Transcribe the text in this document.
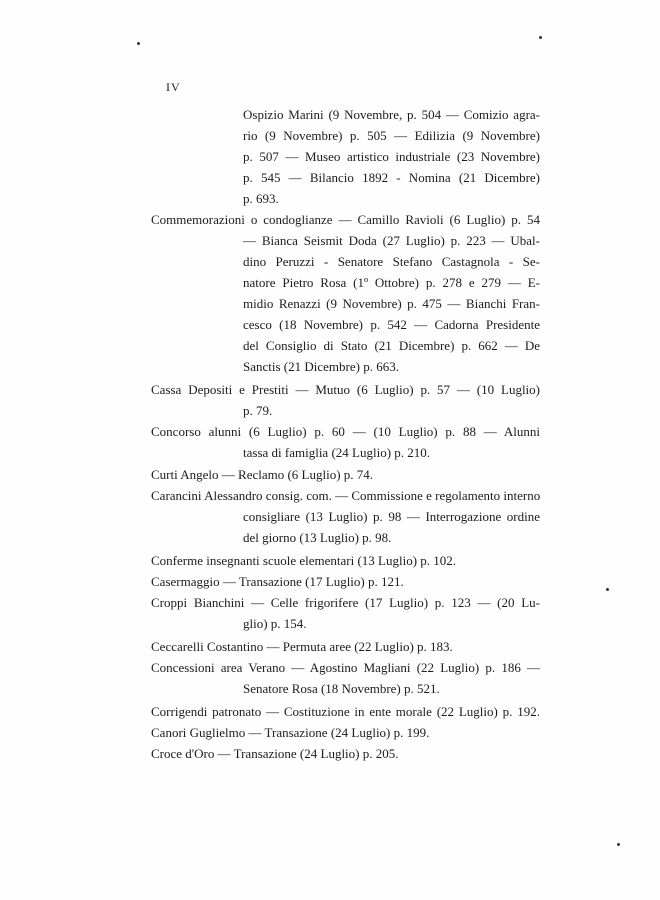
IV
Ospizio Marini (9 Novembre, p. 504 — Comizio agra-
rio (9 Novembre) p. 505 — Edilizia (9 Novembre)
p. 507 — Museo artistico industriale (23 Novembre)
p. 545 — Bilancio 1892 - Nomina (21 Dicembre)
p. 693.
Commemorazioni o condoglianze — Camillo Ravioli (6 Luglio) p. 54
— Bianca Seismit Doda (27 Luglio) p. 223 — Ubal-
dino Peruzzi - Senatore Stefano Castagnola - Se-
natore Pietro Rosa (1º Ottobre) p. 278 e 279 — E-
midio Renazzi (9 Novembre) p. 475 — Bianchi Fran-
cesco (18 Novembre) p. 542 — Cadorna Presidente
del Consiglio di Stato (21 Dicembre) p. 662 — De
Sanctis (21 Dicembre) p. 663.
Cassa Depositi e Prestiti — Mutuo (6 Luglio) p. 57 — (10 Luglio)
p. 79.
Concorso alunni (6 Luglio) p. 60 — (10 Luglio) p. 88 — Alunni
tassa di famiglia (24 Luglio) p. 210.
Curti Angelo — Reclamo (6 Luglio) p. 74.
Carancini Alessandro consig. com. — Commissione e regolamento interno
consigliare (13 Luglio) p. 98 — Interrogazione ordine
del giorno (13 Luglio) p. 98.
Conferme insegnanti scuole elementari (13 Luglio) p. 102.
Casermaggio — Transazione (17 Luglio) p. 121.
Croppi Bianchini — Celle frigorifere (17 Luglio) p. 123 — (20 Lu-
glio) p. 154.
Ceccarelli Costantino — Permuta aree (22 Luglio) p. 183.
Concessioni area Verano — Agostino Magliani (22 Luglio) p. 186 —
Senatore Rosa (18 Novembre) p. 521.
Corrigendi patronato — Costituzione in ente morale (22 Luglio) p. 192.
Canori Guglielmo — Transazione (24 Luglio) p. 199.
Croce d'Oro — Transazione (24 Luglio) p. 205.
